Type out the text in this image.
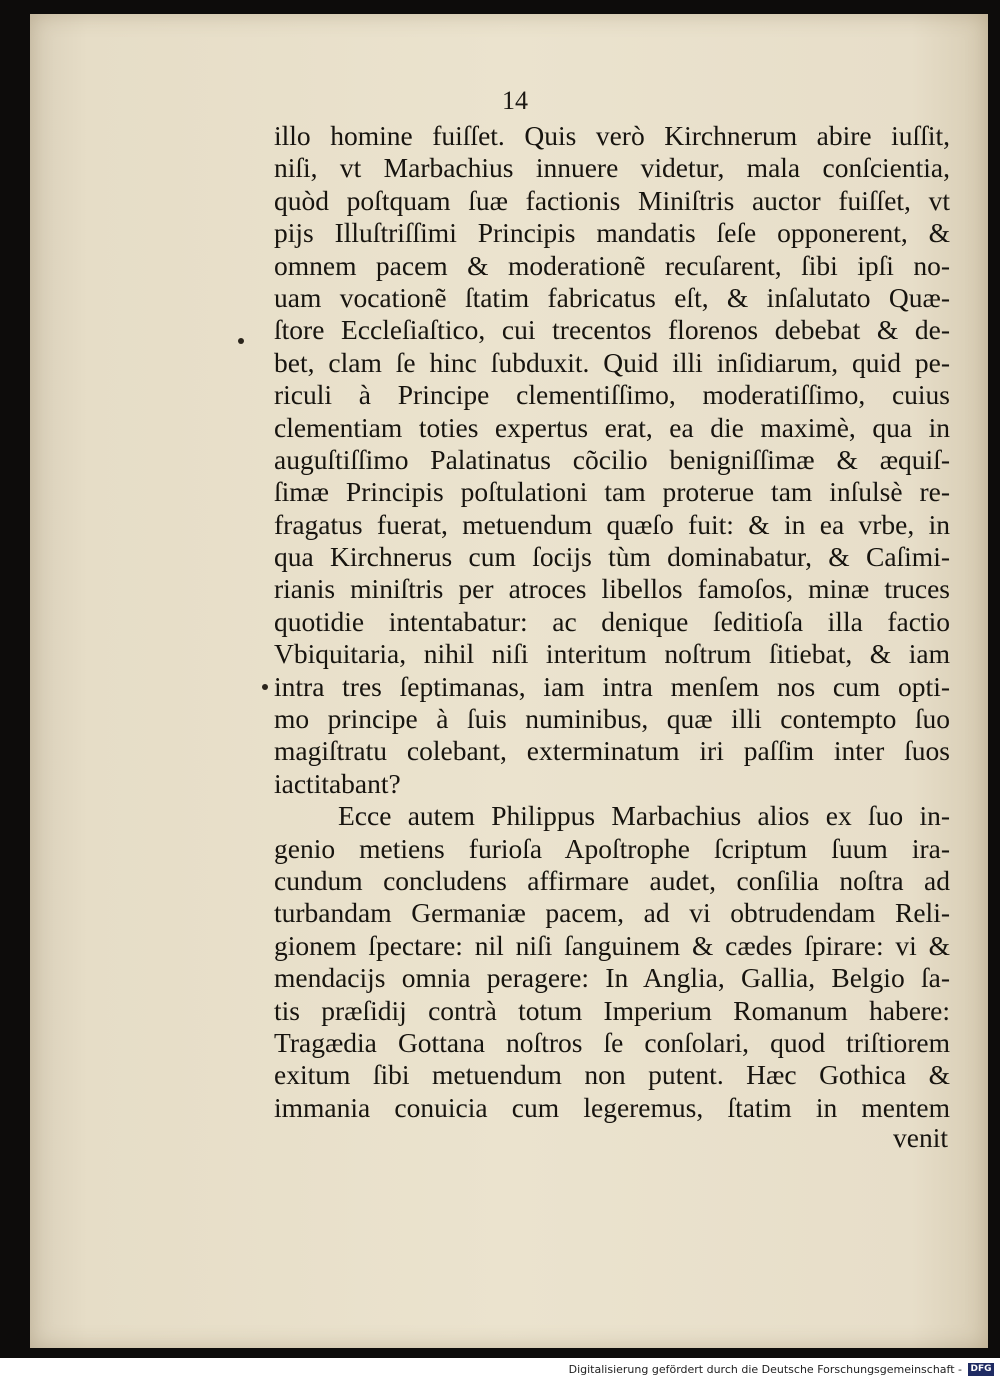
14
illo homine fuiſſet. Quis verò Kirchnerum abire iuſſit,
niſi, vt Marbachius innuere videtur, mala conſcientia,
quòd poſtquam ſuæ factionis Miniſtris auctor fuiſſet, vt
pijs Illuſtriſſimi Principis mandatis ſeſe opponerent, &
omnem pacem & moderationẽ recuſarent, ſibi ipſi no-
uam vocationẽ ſtatim fabricatus eſt, & inſalutato Quæ-
ſtore Eccleſiaſtico, cui trecentos florenos debebat & de-
bet, clam ſe hinc ſubduxit. Quid illi inſidiarum, quid pe-
riculi à Principe clementiſſimo, moderatiſſimo, cuius
clementiam toties expertus erat, ea die maximè, qua in
auguſtiſſimo Palatinatus cõcilio benigniſſimæ & æquiſ-
ſimæ Principis poſtulationi tam proterue tam inſulsè re-
fragatus fuerat, metuendum quæſo fuit: & in ea vrbe, in
qua Kirchnerus cum ſocijs tùm dominabatur, & Caſimi-
rianis miniſtris per atroces libellos famoſos, minæ truces
quotidie intentabatur: ac denique ſeditioſa illa factio
Vbiquitaria, nihil niſi interitum noſtrum ſitiebat, & iam
intra tres ſeptimanas, iam intra menſem nos cum opti-
mo principe à ſuis numinibus, quæ illi contempto ſuo
magiſtratu colebant, exterminatum iri paſſim inter ſuos
iactitabant?
Ecce autem Philippus Marbachius alios ex ſuo in-
genio metiens furioſa Apoſtrophe ſcriptum ſuum ira-
cundum concludens affirmare audet, conſilia noſtra ad
turbandam Germaniæ pacem, ad vi obtrudendam Reli-
gionem ſpectare: nil niſi ſanguinem & cædes ſpirare: vi &
mendacijs omnia peragere: In Anglia, Gallia, Belgio ſa-
tis præſidij contrà totum Imperium Romanum habere:
Tragædia Gottana noſtros ſe conſolari, quod triſtiorem
exitum ſibi metuendum non putent. Hæc Gothica &
immania conuicia cum legeremus, ſtatim in mentem
venit
Digitalisierung gefördert durch die Deutsche Forschungsgemeinschaft - DFG
